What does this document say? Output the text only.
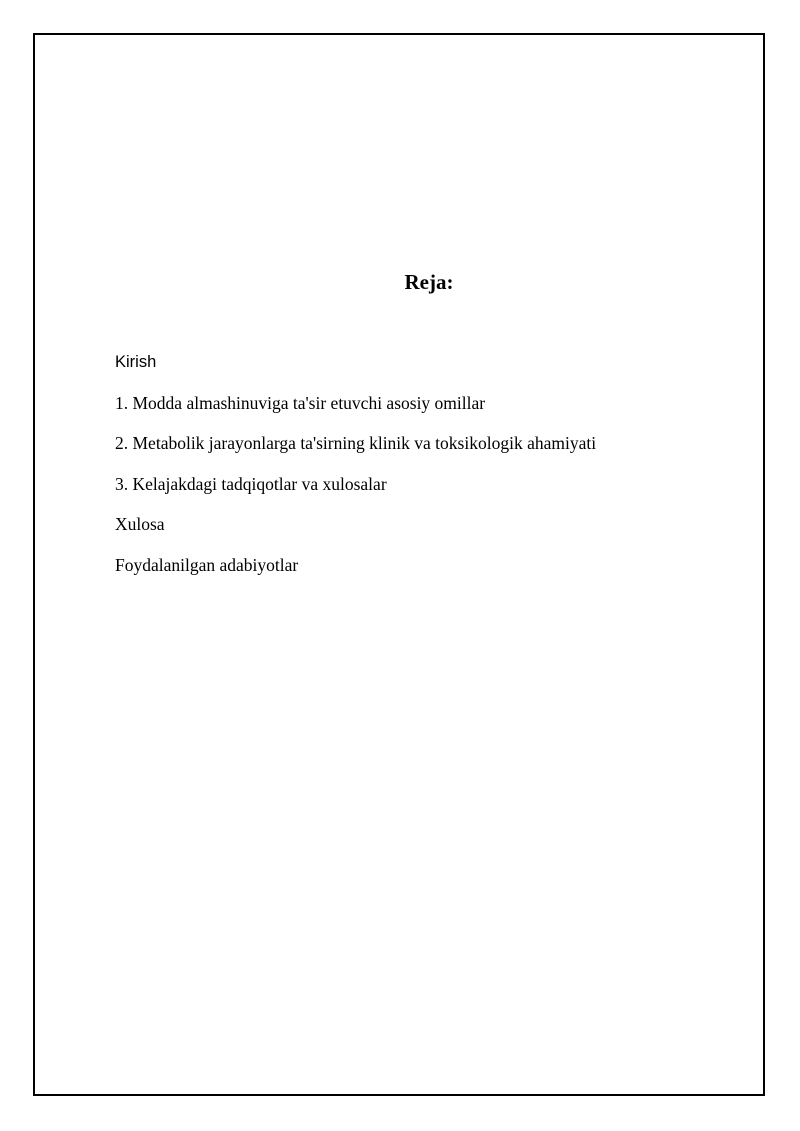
Reja:
Kirish
1. Modda almashinuviga ta'sir etuvchi asosiy omillar
2. Metabolik jarayonlarga ta'sirning klinik va toksikologik ahamiyati
3. Kelajakdagi tadqiqotlar va xulosalar
Xulosa
Foydalanilgan adabiyotlar
